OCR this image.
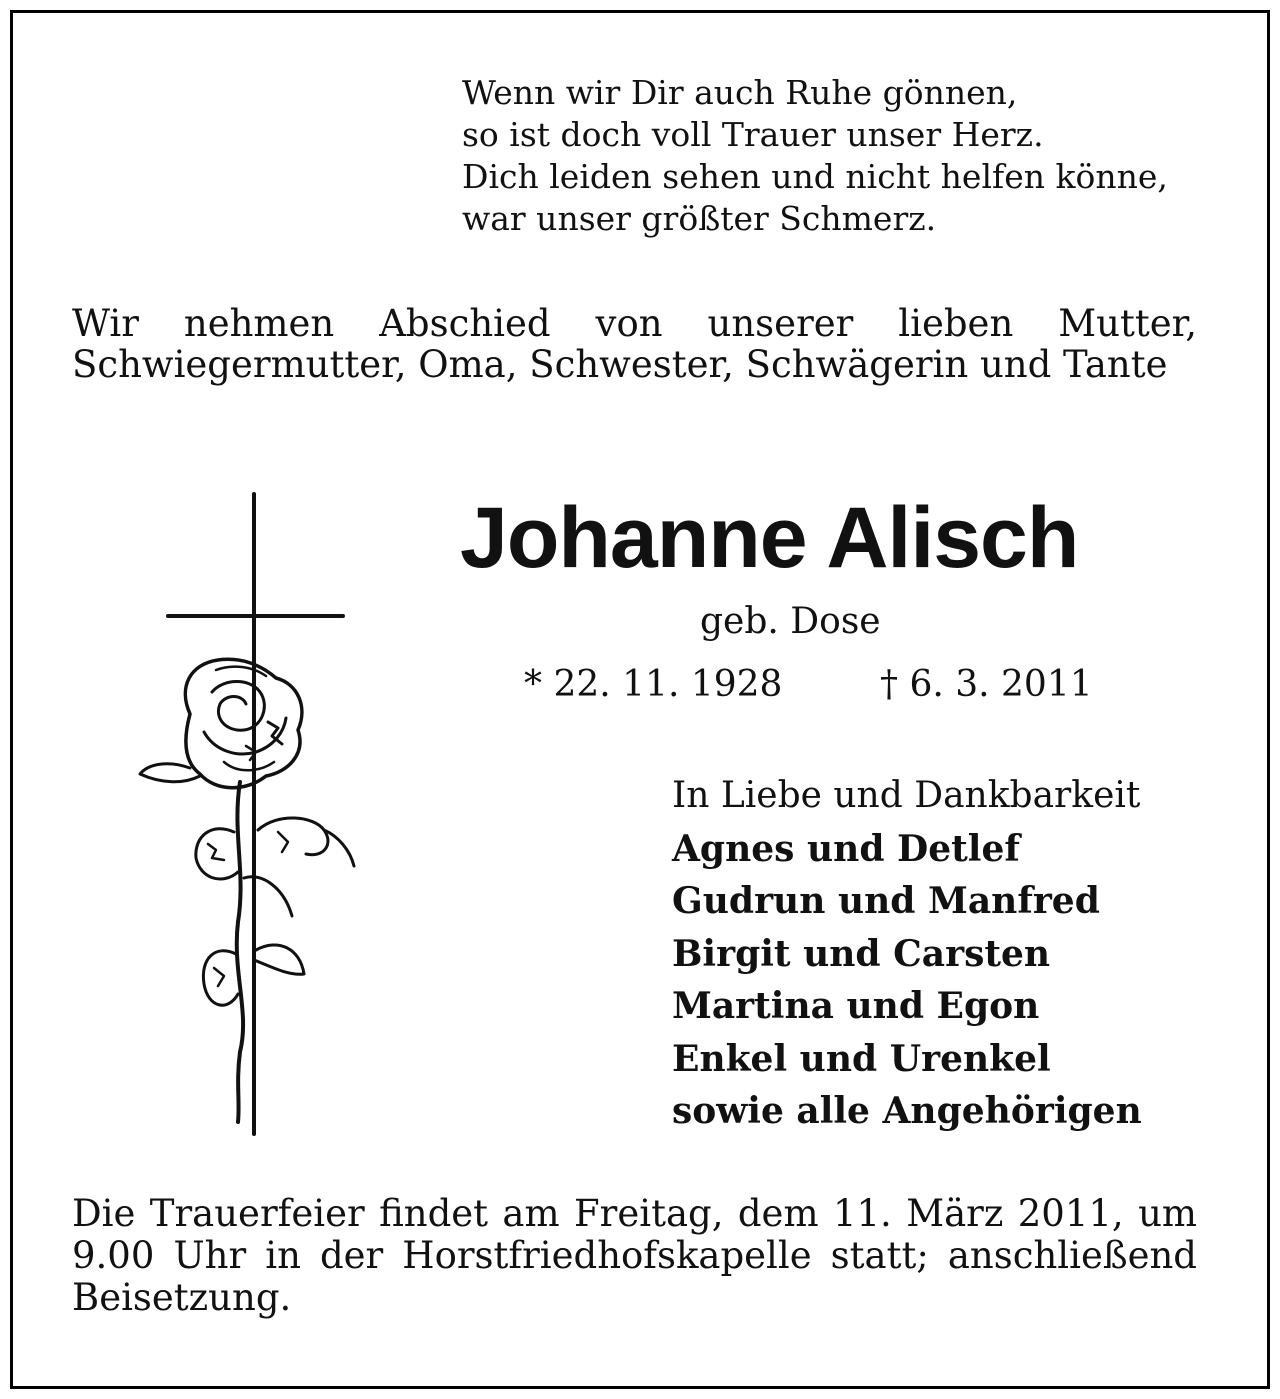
Wenn wir Dir auch Ruhe gönnen,
so ist doch voll Trauer unser Herz.
Dich leiden sehen und nicht helfen könne,
war unser größter Schmerz.
Wir nehmen Abschied von unserer lieben Mutter, Schwiegermutter, Oma, Schwester, Schwägerin und Tante
Johanne Alisch
geb. Dose
* 22. 11. 1928	† 6. 3. 2011
In Liebe und Dankbarkeit
Agnes und Detlef
Gudrun und Manfred
Birgit und Carsten
Martina und Egon
Enkel und Urenkel
sowie alle Angehörigen
Die Trauerfeier findet am Freitag, dem 11. März 2011, um 9.00 Uhr in der Horstfriedhofskapelle statt; anschließend Beisetzung.
